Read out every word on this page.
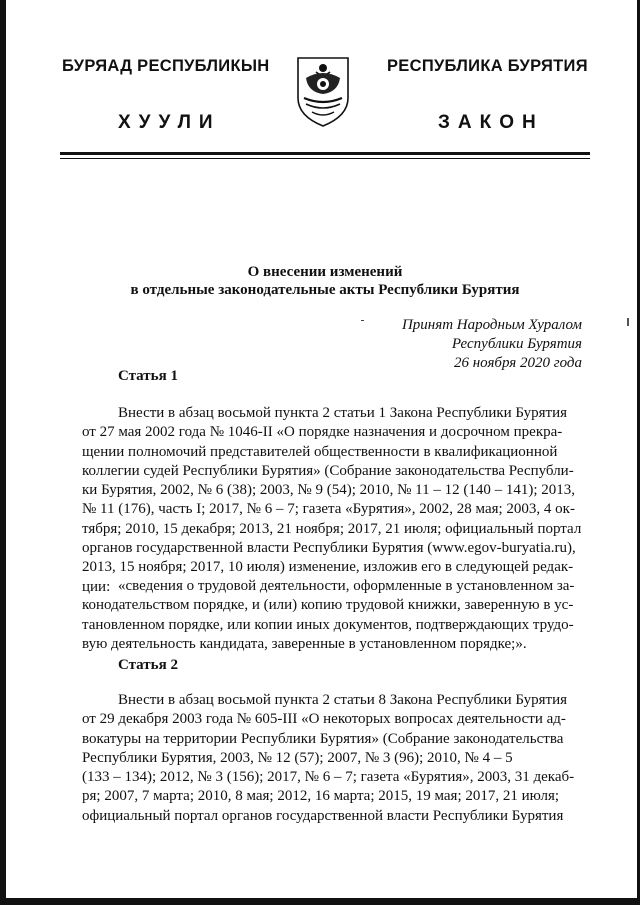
БУРЯАД РЕСПУБЛИКЫН
ХУУЛИ
РЕСПУБЛИКА БУРЯТИЯ
ЗАКОН
О внесении изменений
в отдельные законодательные акты Республики Бурятия
Принят Народным Хуралом
Республики Бурятия
26 ноября 2020 года
Статья 1
Внести в абзац восьмой пункта 2 статьи 1 Закона Республики Бурятия
от 27 мая 2002 года № 1046-II «О порядке назначения и досрочном прекра-
щении полномочий представителей общественности в квалификационной
коллегии судей Республики Бурятия» (Собрание законодательства Республи-
ки Бурятия, 2002, № 6 (38); 2003, № 9 (54); 2010, № 11 – 12 (140 – 141); 2013,
№ 11 (176), часть I; 2017, № 6 – 7; газета «Бурятия», 2002, 28 мая; 2003, 4 ок-
тября; 2010, 15 декабря; 2013, 21 ноября; 2017, 21 июля; официальный портал
органов государственной власти Республики Бурятия (www.egov-buryatia.ru),
2013, 15 ноября; 2017, 10 июля) изменение, изложив его в следующей редак-
ции: «сведения о трудовой деятельности, оформленные в установленном за-
конодательством порядке, и (или) копию трудовой книжки, заверенную в ус-
тановленном порядке, или копии иных документов, подтверждающих трудо-
вую деятельность кандидата, заверенные в установленном порядке;».
Статья 2
Внести в абзац восьмой пункта 2 статьи 8 Закона Республики Бурятия
от 29 декабря 2003 года № 605-III «О некоторых вопросах деятельности ад-
вокатуры на территории Республики Бурятия» (Собрание законодательства
Республики Бурятия, 2003, № 12 (57); 2007, № 3 (96); 2010, № 4 – 5
(133 – 134); 2012, № 3 (156); 2017, № 6 – 7; газета «Бурятия», 2003, 31 декаб-
ря; 2007, 7 марта; 2010, 8 мая; 2012, 16 марта; 2015, 19 мая; 2017, 21 июля;
официальный портал органов государственной власти Республики Бурятия
